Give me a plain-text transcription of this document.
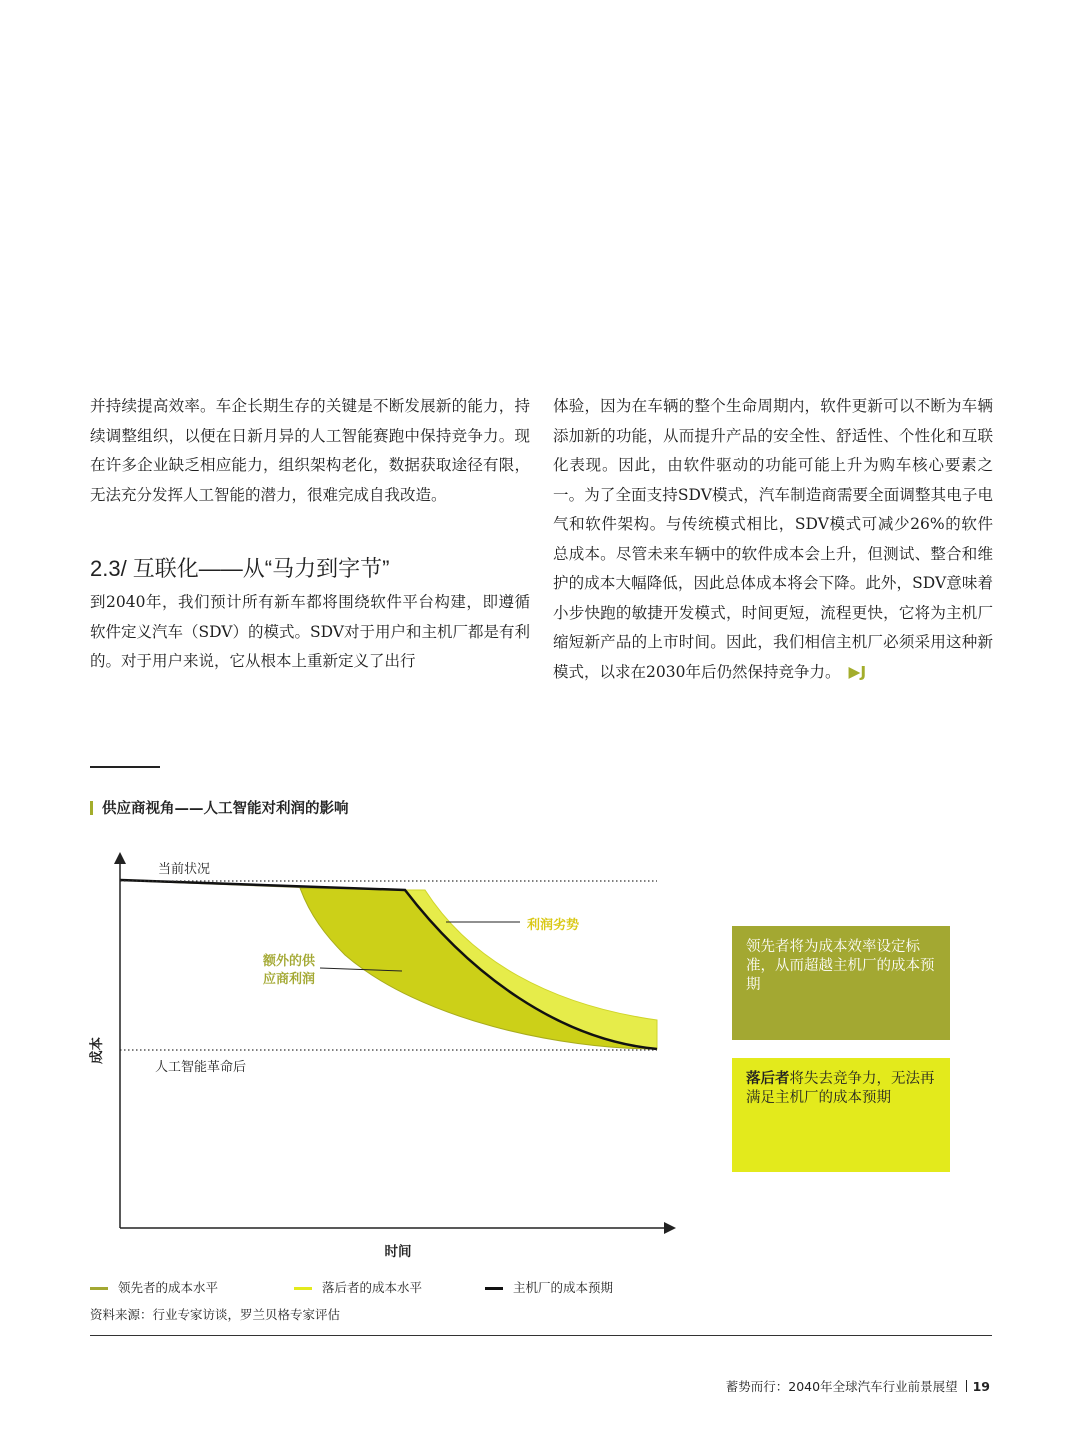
并持续提高效率。车企长期生存的关键是不断发展新的能力，持续调整组织，以便在日新月异的人工智能赛跑中保持竞争力。现在许多企业缺乏相应能力，组织架构老化，数据获取途径有限，无法充分发挥人工智能的潜力，很难完成自我改造。

2.3/ 互联化——从“马力到字节”

到2040年，我们预计所有新车都将围绕软件平台构建，即遵循软件定义汽车（SDV）的模式。SDV对于用户和主机厂都是有利的。对于用户来说，它从根本上重新定义了出行

体验，因为在车辆的整个生命周期内，软件更新可以不断为车辆添加新的功能，从而提升产品的安全性、舒适性、个性化和互联化表现。因此，由软件驱动的功能可能上升为购车核心要素之一。为了全面支持SDV模式，汽车制造商需要全面调整其电子电气和软件架构。与传统模式相比，SDV模式可减少26%的软件总成本。尽管未来车辆中的软件成本会上升，但测试、整合和维护的成本大幅降低，因此总体成本将会下降。此外，SDV意味着小步快跑的敏捷开发模式，时间更短，流程更快，它将为主机厂缩短新产品的上市时间。因此，我们相信主机厂必须采用这种新模式，以求在2030年后仍然保持竞争力。 ▶J

供应商视角——人工智能对利润的影响
当前状况
人工智能革命后
额外的供
应商利润
利润劣势
成本
时间
领先者将为成本效率设定标准，从而超越主机厂的成本预期
落后者将失去竞争力，无法再满足主机厂的成本预期
领先者的成本水平	落后者的成本水平	主机厂的成本预期
资料来源：行业专家访谈，罗兰贝格专家评估
蓄势而行：2040年全球汽车行业前景展望 19
